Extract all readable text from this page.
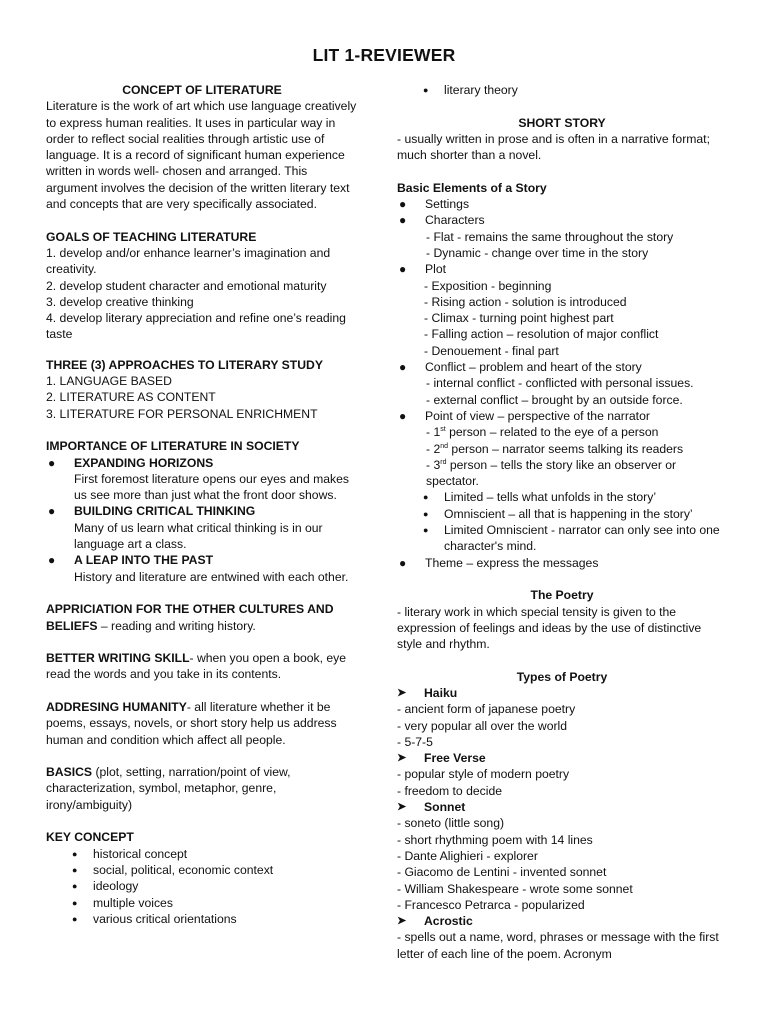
LIT 1-REVIEWER

CONCEPT OF LITERATURE

Literature is the work of art which use language creatively to express human realities. It uses in particular way in order to reflect social realities through artistic use of language. It is a record of significant human experience written in words well- chosen and arranged. This argument involves the decision of the written literary text and concepts that are very specifically associated.

GOALS OF TEACHING LITERATURE

1. develop and/or enhance learner’s imagination and creativity.

2. develop student character and emotional maturity

3. develop creative thinking

4. develop literary appreciation and refine one’s reading taste

THREE (3) APPROACHES TO LITERARY STUDY

1. LANGUAGE BASED

2. LITERATURE AS CONTENT

3. LITERATURE FOR PERSONAL ENRICHMENT

IMPORTANCE OF LITERATURE IN SOCIETY

● EXPANDING HORIZONS

First foremost literature opens our eyes and makes us see more than just what the front door shows.

● BUILDING CRITICAL THINKING

Many of us learn what critical thinking is in our language art a class.

● A LEAP INTO THE PAST

History and literature are entwined with each other.

APPRICIATION FOR THE OTHER CULTURES AND BELIEFS – reading and writing history.

BETTER WRITING SKILL- when you open a book, eye read the words and you take in its contents.

ADDRESING HUMANITY- all literature whether it be poems, essays, novels, or short story help us address human and condition which affect all people.

BASICS (plot, setting, narration/point of view, characterization, symbol, metaphor, genre, irony/ambiguity)

KEY CONCEPT

● historical concept
● social, political, economic context
● ideology
● multiple voices
● various critical orientations
● literary theory

SHORT STORY

- usually written in prose and is often in a narrative format; much shorter than a novel.

Basic Elements of a Story

● Settings
● Characters

- Flat - remains the same throughout the story

- Dynamic - change over time in the story

● Plot

- Exposition - beginning

- Rising action - solution is introduced

- Climax - turning point highest part

- Falling action – resolution of major conflict

- Denouement - final part

● Conflict – problem and heart of the story

- internal conflict - conflicted with personal issues.

- external conflict – brought by an outside force.

● Point of view – perspective of the narrator

- 1st person – related to the eye of a person

- 2nd person – narrator seems talking its readers

- 3rd person – tells the story like an observer or spectator.

● Limited – tells what unfolds in the story’
● Omniscient – all that is happening in the story’
● Limited Omniscient - narrator can only see into one character's mind.
● Theme – express the messages

The Poetry

- literary work in which special tensity is given to the expression of feelings and ideas by the use of distinctive style and rhythm.

Types of Poetry

➤ Haiku

- ancient form of japanese poetry

- very popular all over the world

- 5-7-5

➤ Free Verse

- popular style of modern poetry

- freedom to decide

➤ Sonnet

- soneto (little song)

- short rhythming poem with 14 lines

- Dante Alighieri - explorer

- Giacomo de Lentini - invented sonnet

- William Shakespeare - wrote some sonnet

- Francesco Petrarca - popularized

➤ Acrostic

- spells out a name, word, phrases or message with the first letter of each line of the poem. Acronym
